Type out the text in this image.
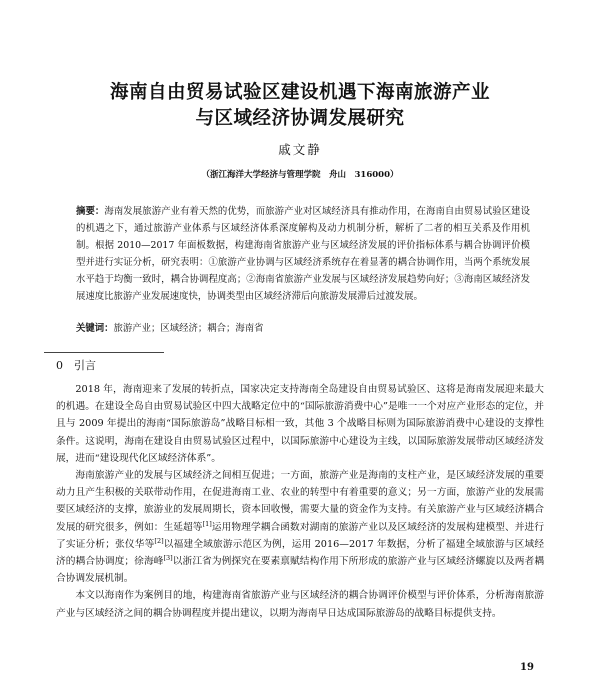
海南自由贸易试验区建设机遇下海南旅游产业
与区域经济协调发展研究
戚文静
（浙江海洋大学经济与管理学院　舟山　316000）
摘要：海南发展旅游产业有着天然的优势，而旅游产业对区域经济具有推动作用，在海南自由贸易试验区建设的机遇之下，通过旅游产业体系与区域经济体系深度解构及动力机制分析，解析了二者的相互关系及作用机制。根据 2010—2017 年面板数据，构建海南省旅游产业与区域经济发展的评价指标体系与耦合协调评价模型并进行实证分析，研究表明：①旅游产业协调与区域经济系统存在着显著的耦合协调作用，当两个系统发展水平趋于均衡一致时，耦合协调程度高；②海南省旅游产业发展与区域经济发展趋势向好；③海南区域经济发展速度比旅游产业发展速度快，协调类型由区域经济滞后向旅游发展滞后过渡发展。
关键词：旅游产业；区域经济；耦合；海南省
0　引言

2018 年，海南迎来了发展的转折点，国家决定支持海南全岛建设自由贸易试验区、这将是海南发展迎来最大的机遇。在建设全岛自由贸易试验区中四大战略定位中的“国际旅游消费中心”是唯一一个对应产业形态的定位，并且与 2009 年提出的海南“国际旅游岛”战略目标相一致，其他 3 个战略目标则为国际旅游消费中心建设的支撑性条件。这说明，海南在建设自由贸易试验区过程中，以国际旅游中心建设为主线，以国际旅游发展带动区域经济发展，进而“建设现代化区域经济体系”。

海南旅游产业的发展与区域经济之间相互促进；一方面，旅游产业是海南的支柱产业，是区域经济发展的重要动力且产生积极的关联带动作用，在促进海南工业、农业的转型中有着重要的意义；另一方面，旅游产业的发展需要区域经济的支撑，旅游业的发展周期长，资本回收慢，需要大量的资金作为支持。有关旅游产业与区域经济耦合发展的研究很多，例如：生延超等[1]运用物理学耦合函数对湖南的旅游产业以及区域经济的发展构建模型、并进行了实证分析；张仪华等[2]以福建全域旅游示范区为例，运用 2016—2017 年数据，分析了福建全域旅游与区域经济的耦合协调度；徐海峰[3]以浙江省为例探究在要素禀赋结构作用下所形成的旅游产业与区域经济螺旋以及两者耦合协调发展机制。

本文以海南作为案例目的地，构建海南省旅游产业与区域经济的耦合协调评价模型与评价体系，分析海南旅游产业与区域经济之间的耦合协调程度并提出建议，以期为海南早日达成国际旅游岛的战略目标提供支持。

19
